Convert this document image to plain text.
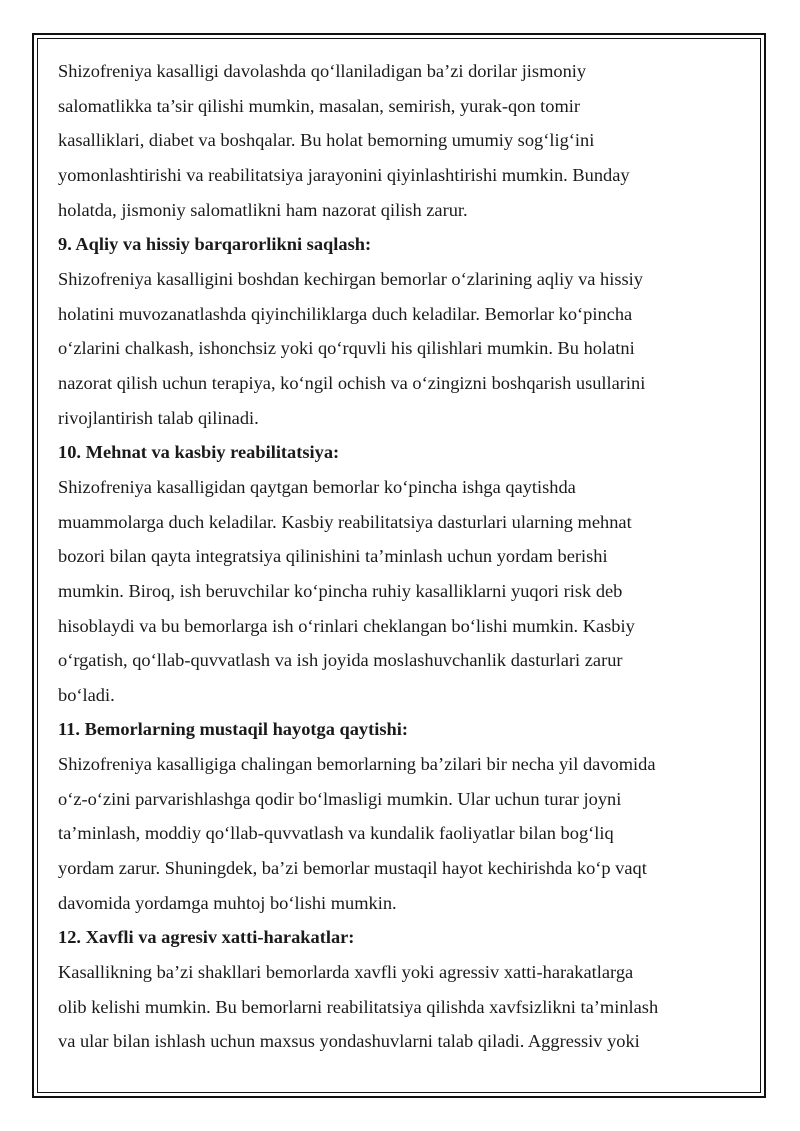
Shizofreniya kasalligi davolashda qo‘llaniladigan ba’zi dorilar jismoniy
salomatlikka ta’sir qilishi mumkin, masalan, semirish, yurak-qon tomir
kasalliklari, diabet va boshqalar. Bu holat bemorning umumiy sog‘lig‘ini
yomonlashtirishi va reabilitatsiya jarayonini qiyinlashtirishi mumkin. Bunday
holatda, jismoniy salomatlikni ham nazorat qilish zarur.
9. Aqliy va hissiy barqarorlikni saqlash:
Shizofreniya kasalligini boshdan kechirgan bemorlar o‘zlarining aqliy va hissiy
holatini muvozanatlashda qiyinchiliklarga duch keladilar. Bemorlar ko‘pincha
o‘zlarini chalkash, ishonchsiz yoki qo‘rquvli his qilishlari mumkin. Bu holatni
nazorat qilish uchun terapiya, ko‘ngil ochish va o‘zingizni boshqarish usullarini
rivojlantirish talab qilinadi.
10. Mehnat va kasbiy reabilitatsiya:
Shizofreniya kasalligidan qaytgan bemorlar ko‘pincha ishga qaytishda
muammolarga duch keladilar. Kasbiy reabilitatsiya dasturlari ularning mehnat
bozori bilan qayta integratsiya qilinishini ta’minlash uchun yordam berishi
mumkin. Biroq, ish beruvchilar ko‘pincha ruhiy kasalliklarni yuqori risk deb
hisoblaydi va bu bemorlarga ish o‘rinlari cheklangan bo‘lishi mumkin. Kasbiy
o‘rgatish, qo‘llab-quvvatlash va ish joyida moslashuvchanlik dasturlari zarur
bo‘ladi.
11. Bemorlarning mustaqil hayotga qaytishi:
Shizofreniya kasalligiga chalingan bemorlarning ba’zilari bir necha yil davomida
o‘z-o‘zini parvarishlashga qodir bo‘lmasligi mumkin. Ular uchun turar joyni
ta’minlash, moddiy qo‘llab-quvvatlash va kundalik faoliyatlar bilan bog‘liq
yordam zarur. Shuningdek, ba’zi bemorlar mustaqil hayot kechirishda ko‘p vaqt
davomida yordamga muhtoj bo‘lishi mumkin.
12. Xavfli va agresiv xatti-harakatlar:
Kasallikning ba’zi shakllari bemorlarda xavfli yoki agressiv xatti-harakatlarga
olib kelishi mumkin. Bu bemorlarni reabilitatsiya qilishda xavfsizlikni ta’minlash
va ular bilan ishlash uchun maxsus yondashuvlarni talab qiladi. Aggressiv yoki
